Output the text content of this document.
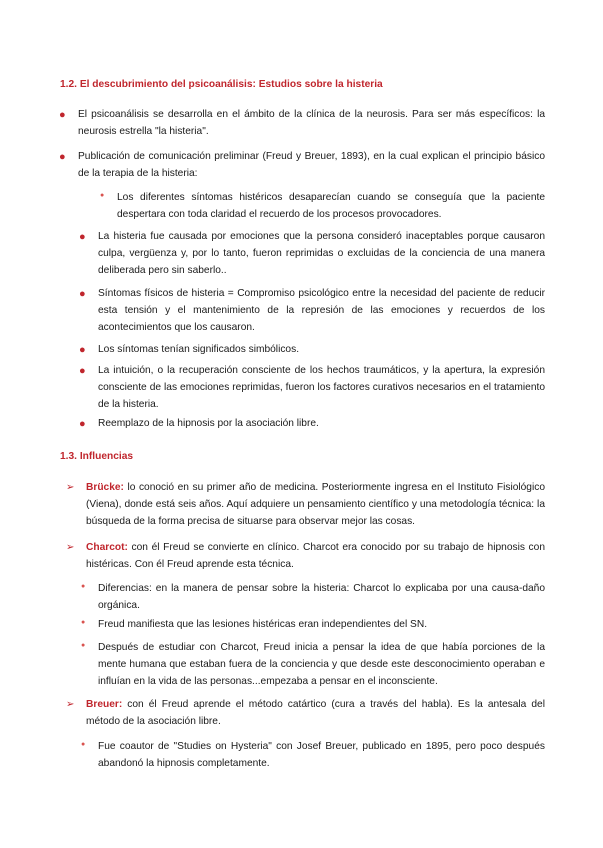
1.2. El descubrimiento del psicoanálisis: Estudios sobre la histeria
● El psicoanálisis se desarrolla en el ámbito de la clínica de la neurosis. Para ser más específicos: la neurosis estrella "la histeria".
● Publicación de comunicación preliminar (Freud y Breuer, 1893), en la cual explican el principio básico de la terapia de la histeria:
● Los diferentes síntomas histéricos desaparecían cuando se conseguía que la paciente despertara con toda claridad el recuerdo de los procesos provocadores.
● La histeria fue causada por emociones que la persona consideró inaceptables porque causaron culpa, vergüenza y, por lo tanto, fueron reprimidas o excluidas de la conciencia de una manera deliberada pero sin saberlo..
● Síntomas físicos de histeria = Compromiso psicológico entre la necesidad del paciente de reducir esta tensión y el mantenimiento de la represión de las emociones y recuerdos de los acontecimientos que los causaron.
● Los síntomas tenían significados simbólicos.
● La intuición, o la recuperación consciente de los hechos traumáticos, y la apertura, la expresión consciente de las emociones reprimidas, fueron los factores curativos necesarios en el tratamiento de la histeria.
● Reemplazo de la hipnosis por la asociación libre.
1.3. Influencias
➢ Brücke: lo conoció en su primer año de medicina. Posteriormente ingresa en el Instituto Fisiológico (Viena), donde está seis años. Aquí adquiere un pensamiento científico y una metodología técnica: la búsqueda de la forma precisa de situarse para observar mejor las cosas.
➢ Charcot: con él Freud se convierte en clínico. Charcot era conocido por su trabajo de hipnosis con histéricas. Con él Freud aprende esta técnica.
● Diferencias: en la manera de pensar sobre la histeria: Charcot lo explicaba por una causa-daño orgánica.
● Freud manifiesta que las lesiones histéricas eran independientes del SN.
● Después de estudiar con Charcot, Freud inicia a pensar la idea de que había porciones de la mente humana que estaban fuera de la conciencia y que desde este desconocimiento operaban e influían en la vida de las personas...empezaba a pensar en el inconsciente.
➢ Breuer: con él Freud aprende el método catártico (cura a través del habla). Es la antesala del método de la asociación libre.
● Fue coautor de "Studies on Hysteria" con Josef Breuer, publicado en 1895, pero poco después abandonó la hipnosis completamente.
